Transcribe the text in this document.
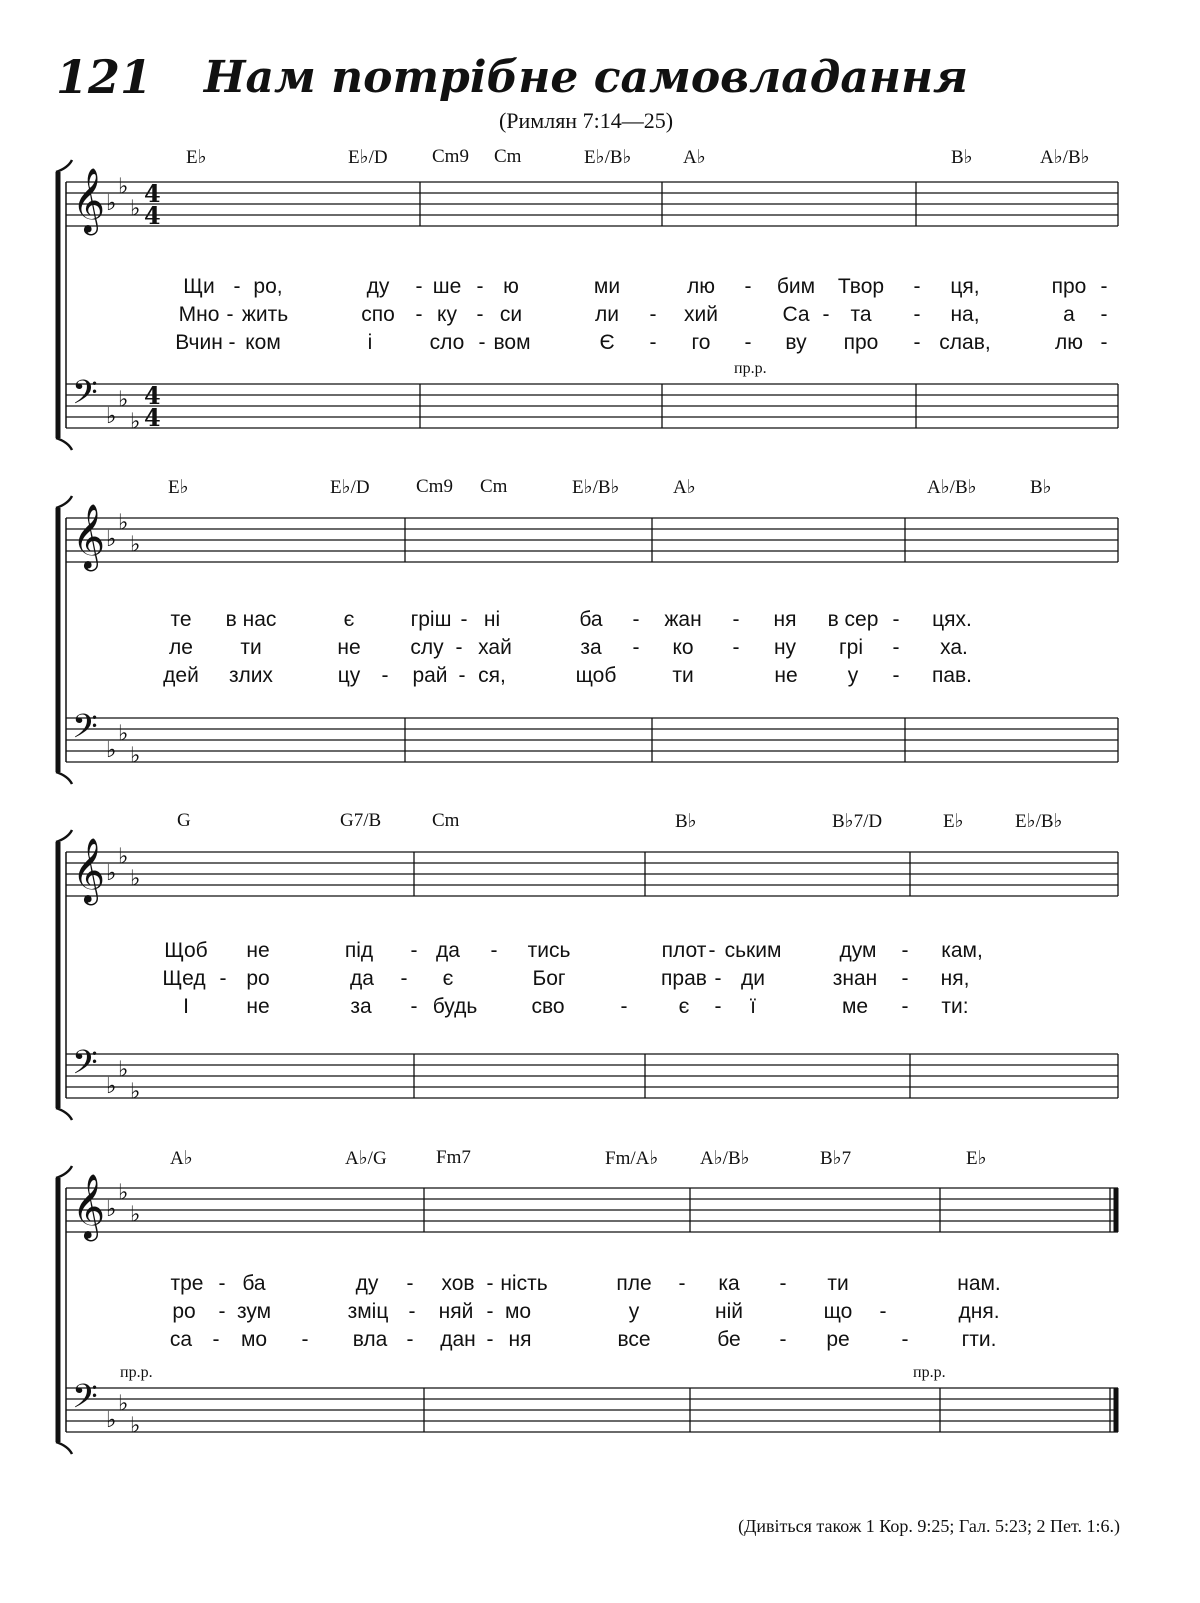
121	Нам потрібне самовладання
(Римлян 7:14—25)
𝄞 ♭
♭
♭
4
4
𝄢 ♭
♭
♭
4
4
𝄞 ♭
♭
♭
𝄢 ♭
♭
♭
𝄞 ♭
♭
♭
𝄢 ♭
♭
♭
𝄞 ♭
♭
♭
𝄢 ♭
♭
♭
E♭	E♭/D Cm9 Cm	E♭/B♭	A♭	B♭	A♭/B♭
Щи - ро,	ду - ше - ю	ми	лю - бим Твор - ця,	про -
Мно - жить	спо - ку - си	ли - хий	Са - та - на,	а -
Вчин - ком	і	сло - вом	Є - го - ву про - слав,	лю -
пр.р.
E♭	E♭/D Cm9 Cm	E♭/B♭	A♭	A♭/B♭	B♭
те в нас	є	гріш - ні	ба - жан - ня в сер - цях.
ле ти	не слу - хай	за - ко - ну грі - ха.
дей злих	цу - рай - ся,	щоб	ти	не у - пав.
G	G7/B	Cm	B♭	B♭7/D	E♭	E♭/B♭
Щоб не	під - да - тись	плот - ським	дум - кам,
Щед - ро	да - є	Бог	прав - ди	знан - ня,
І	не	за - будь	сво	- є - ї	ме - ти:
A♭	A♭/G	Fm7	Fm/A♭ A♭/B♭	B♭7	E♭
тре - ба	ду - хов - ність	пле - ка - ти	нам.
ро - зум	зміц - няй - мо	у	ній	що -	дня.
са - мо - вла - дан - ня	все	бе - ре -	гти.
пр.р.	пр.р.
(Дивіться також 1 Кор. 9:25; Гал. 5:23; 2 Пет. 1:6.)
